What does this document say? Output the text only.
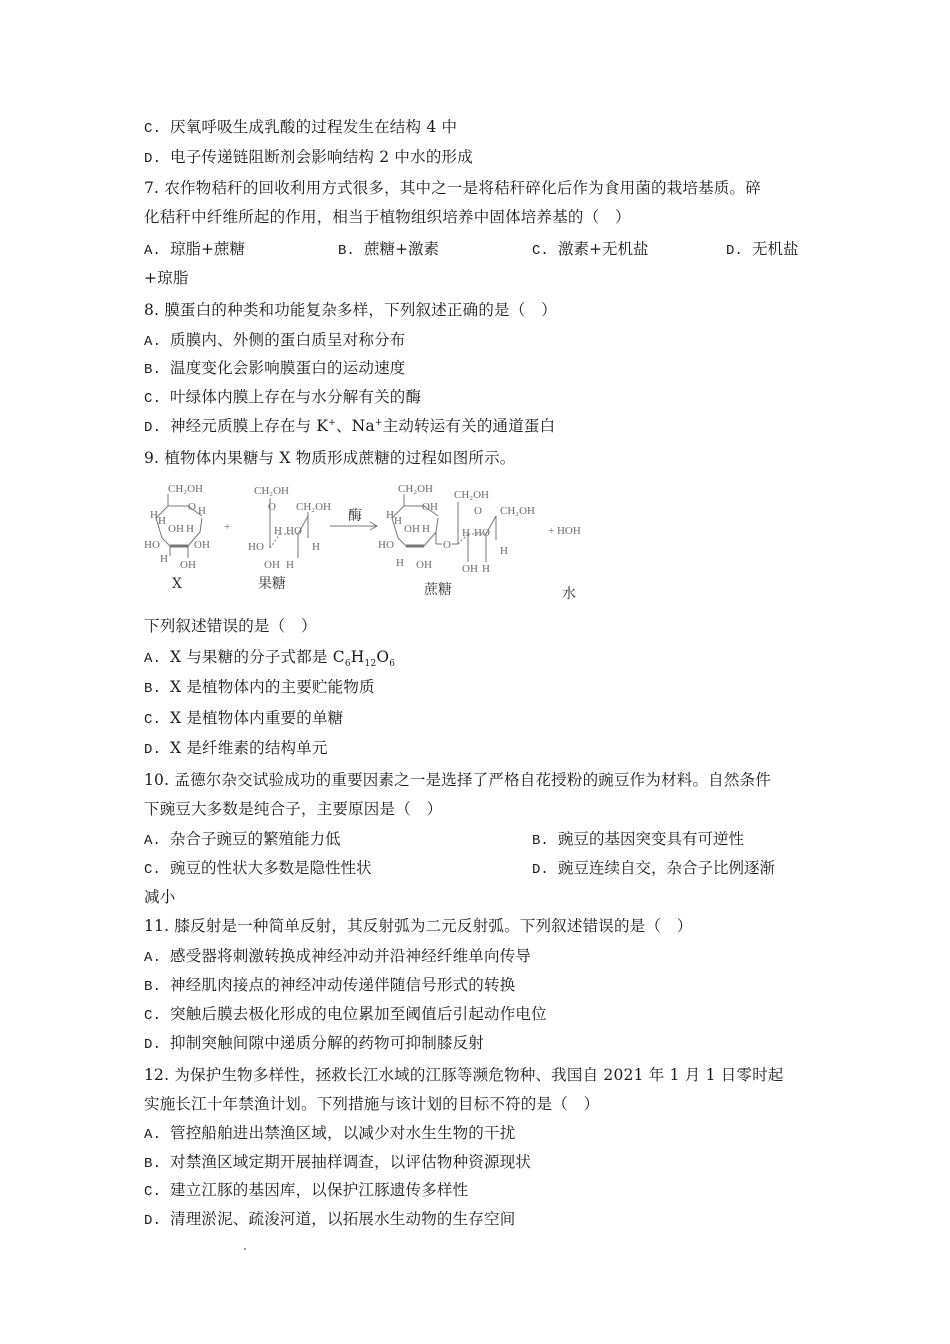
C. 厌氧呼吸生成乳酸的过程发生在结构 4 中
D. 电子传递链阻断剂会影响结构 2 中水的形成
7. 农作物秸秆的回收利用方式很多，其中之一是将秸秆碎化后作为食用菌的栽培基质。碎
化秸秆中纤维所起的作用，相当于植物组织培养中固体培养基的（　）
A. 琼脂+蔗糖	B. 蔗糖+激素	C. 激素+无机盐	D. 无机盐
+琼脂
8. 膜蛋白的种类和功能复杂多样，下列叙述正确的是（　）
A. 质膜内、外侧的蛋白质呈对称分布
B. 温度变化会影响膜蛋白的运动速度
C. 叶绿体内膜上存在与水分解有关的酶
D. 神经元质膜上存在与 K+、Na+主动转运有关的通道蛋白
9. 植物体内果糖与 X 物质形成蔗糖的过程如图所示。
CH₂OH
O H
H H
OH H
HO	OH
H OH
+
CH₂OH
O CH₂OH
H HO
HO	H
OH H
CH₂OH
OH
H H
OH H
HO	O
H OH
CH₂OH
O CH₂OH
H HO
H
OH H
+ HOH
酶
X	果糖	蔗糖	水
下列叙述错误的是（　）
A. X 与果糖的分子式都是 $C_6H_{12}O_6$
B. X 是植物体内的主要贮能物质
C. X 是植物体内重要的单糖
D. X 是纤维素的结构单元
10. 孟德尔杂交试验成功的重要因素之一是选择了严格自花授粉的豌豆作为材料。自然条件
下豌豆大多数是纯合子，主要原因是（　）
A. 杂合子豌豆的繁殖能力低	B. 豌豆的基因突变具有可逆性
C. 豌豆的性状大多数是隐性性状	D. 豌豆连续自交，杂合子比例逐渐
减小
11. 膝反射是一种简单反射，其反射弧为二元反射弧。下列叙述错误的是（　）
A. 感受器将刺激转换成神经冲动并沿神经纤维单向传导
B. 神经肌肉接点的神经冲动传递伴随信号形式的转换
C. 突触后膜去极化形成的电位累加至阈值后引起动作电位
D. 抑制突触间隙中递质分解的药物可抑制膝反射
12. 为保护生物多样性，拯救长江水域的江豚等濒危物种、我国自 2021 年 1 月 1 日零时起
实施长江十年禁渔计划。下列措施与该计划的目标不符的是（　）
A. 管控船舶进出禁渔区域，以减少对水生生物的干扰
B. 对禁渔区域定期开展抽样调查，以评估物种资源现状
C. 建立江豚的基因库，以保护江豚遗传多样性
D. 清理淤泥、疏浚河道，以拓展水生动物的生存空间
